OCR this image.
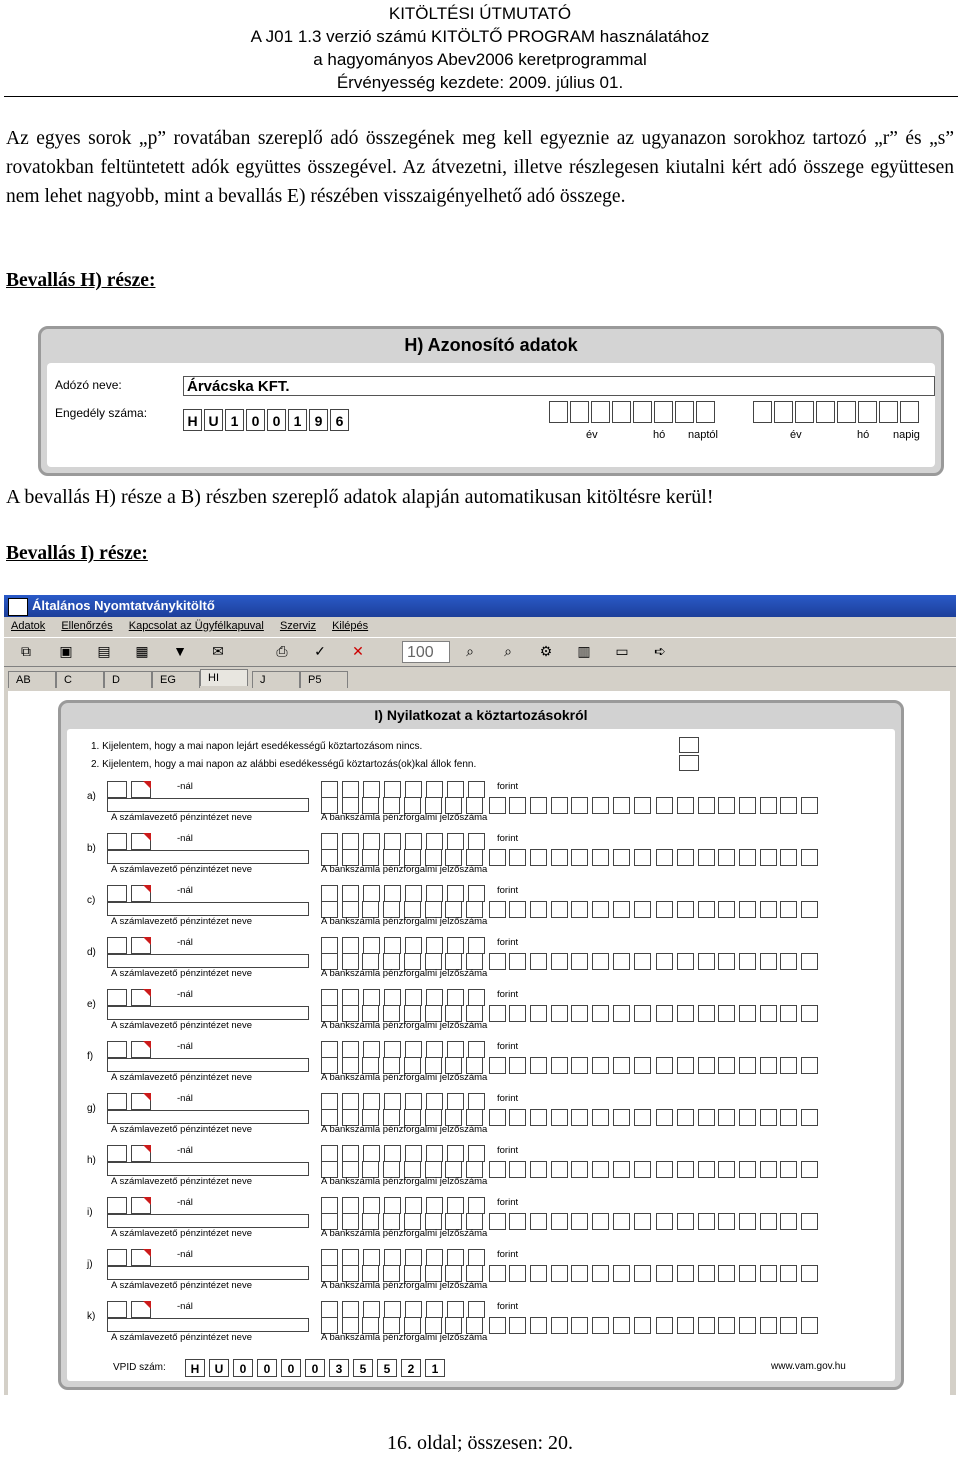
KITÖLTÉSI ÚTMUTATÓ
A J01 1.3 verzió számú KITÖLTŐ PROGRAM használatához
a hagyományos Abev2006 keretprogrammal
Érvényesség kezdete: 2009. július 01.
Az egyes sorok „p” rovatában szereplő adó összegének meg kell egyeznie az ugyanazon sorokhoz tartozó „r” és „s” rovatokban feltüntetett adók együttes összegével. Az átvezetni, illetve részlegesen kiutalni kért adó összege együttesen nem lehet nagyobb, mint a bevallás E) részében visszaigényelhető adó összege.
Bevallás H) része:
H) Azonosító adatok
Adózó neve:	Árvácska KFT.
Engedély száma:	H U 1 0 0 1 9 6
év	hó naptól	év	hó napig
A bevallás H) része a B) részben szereplő adatok alapján automatikusan kitöltésre kerül!
Bevallás I) része:
Általános Nyomtatványkitöltő
Adatok Ellenőrzés Kapcsolat az Ügyfélkapuval Szerviz Kilépés
⧉	▣ ▤ ▦ ▼ ✉	⎙	✓ ✕	100	⌕	⌕	⚙ ▥ ▭ ➪
AB	C	D	EG	HI	J	P5
I) Nyilatkozat a köztartozásokról
1. Kijelentem, hogy a mai napon lejárt esedékességű köztartozásom nincs.
2. Kijelentem, hogy a mai napon az alábbi esedékességű köztartozás(ok)kal állok fenn.
VPID szám:	H	U	0	0	0	0	3	5	5	2	1	www.vam.gov.hu
a)
-nál
A számlavezető pénzintézet neve
forint
A bankszámla pénzforgalmi jelzőszáma
b)
-nál
A számlavezető pénzintézet neve
forint
A bankszámla pénzforgalmi jelzőszáma
c)
-nál
A számlavezető pénzintézet neve
forint
A bankszámla pénzforgalmi jelzőszáma
d)
-nál
A számlavezető pénzintézet neve
forint
A bankszámla pénzforgalmi jelzőszáma
e)
-nál
A számlavezető pénzintézet neve
forint
A bankszámla pénzforgalmi jelzőszáma
f)
-nál
A számlavezető pénzintézet neve
forint
A bankszámla pénzforgalmi jelzőszáma
g)
-nál
A számlavezető pénzintézet neve
forint
A bankszámla pénzforgalmi jelzőszáma
h)
-nál
A számlavezető pénzintézet neve
forint
A bankszámla pénzforgalmi jelzőszáma
i)
-nál
A számlavezető pénzintézet neve
forint
A bankszámla pénzforgalmi jelzőszáma
j)
-nál
A számlavezető pénzintézet neve
forint
A bankszámla pénzforgalmi jelzőszáma
k)
-nál
A számlavezető pénzintézet neve
forint
A bankszámla pénzforgalmi jelzőszáma
16. oldal; összesen: 20.
